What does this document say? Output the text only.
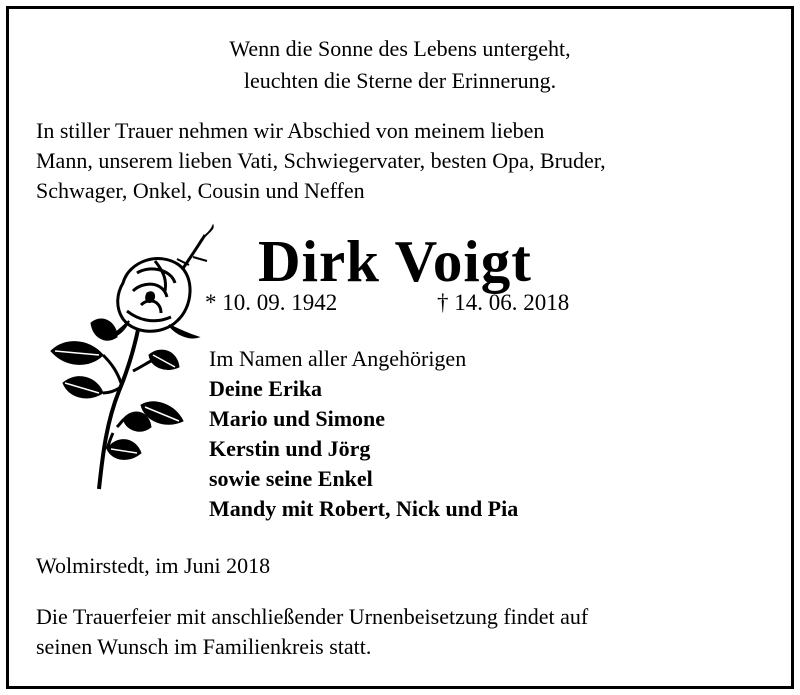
Wenn die Sonne des Lebens untergeht,
leuchten die Sterne der Erinnerung.
In stiller Trauer nehmen wir Abschied von meinem lieben
Mann, unserem lieben Vati, Schwiegervater, besten Opa, Bruder,
Schwager, Onkel, Cousin und Neffen
Dirk Voigt
* 10. 09. 1942	† 14. 06. 2018
Im Namen aller Angehörigen
Deine Erika
Mario und Simone
Kerstin und Jörg
sowie seine Enkel
Mandy mit Robert, Nick und Pia
Wolmirstedt, im Juni 2018
Die Trauerfeier mit anschließender Urnenbeisetzung findet auf
seinen Wunsch im Familienkreis statt.
